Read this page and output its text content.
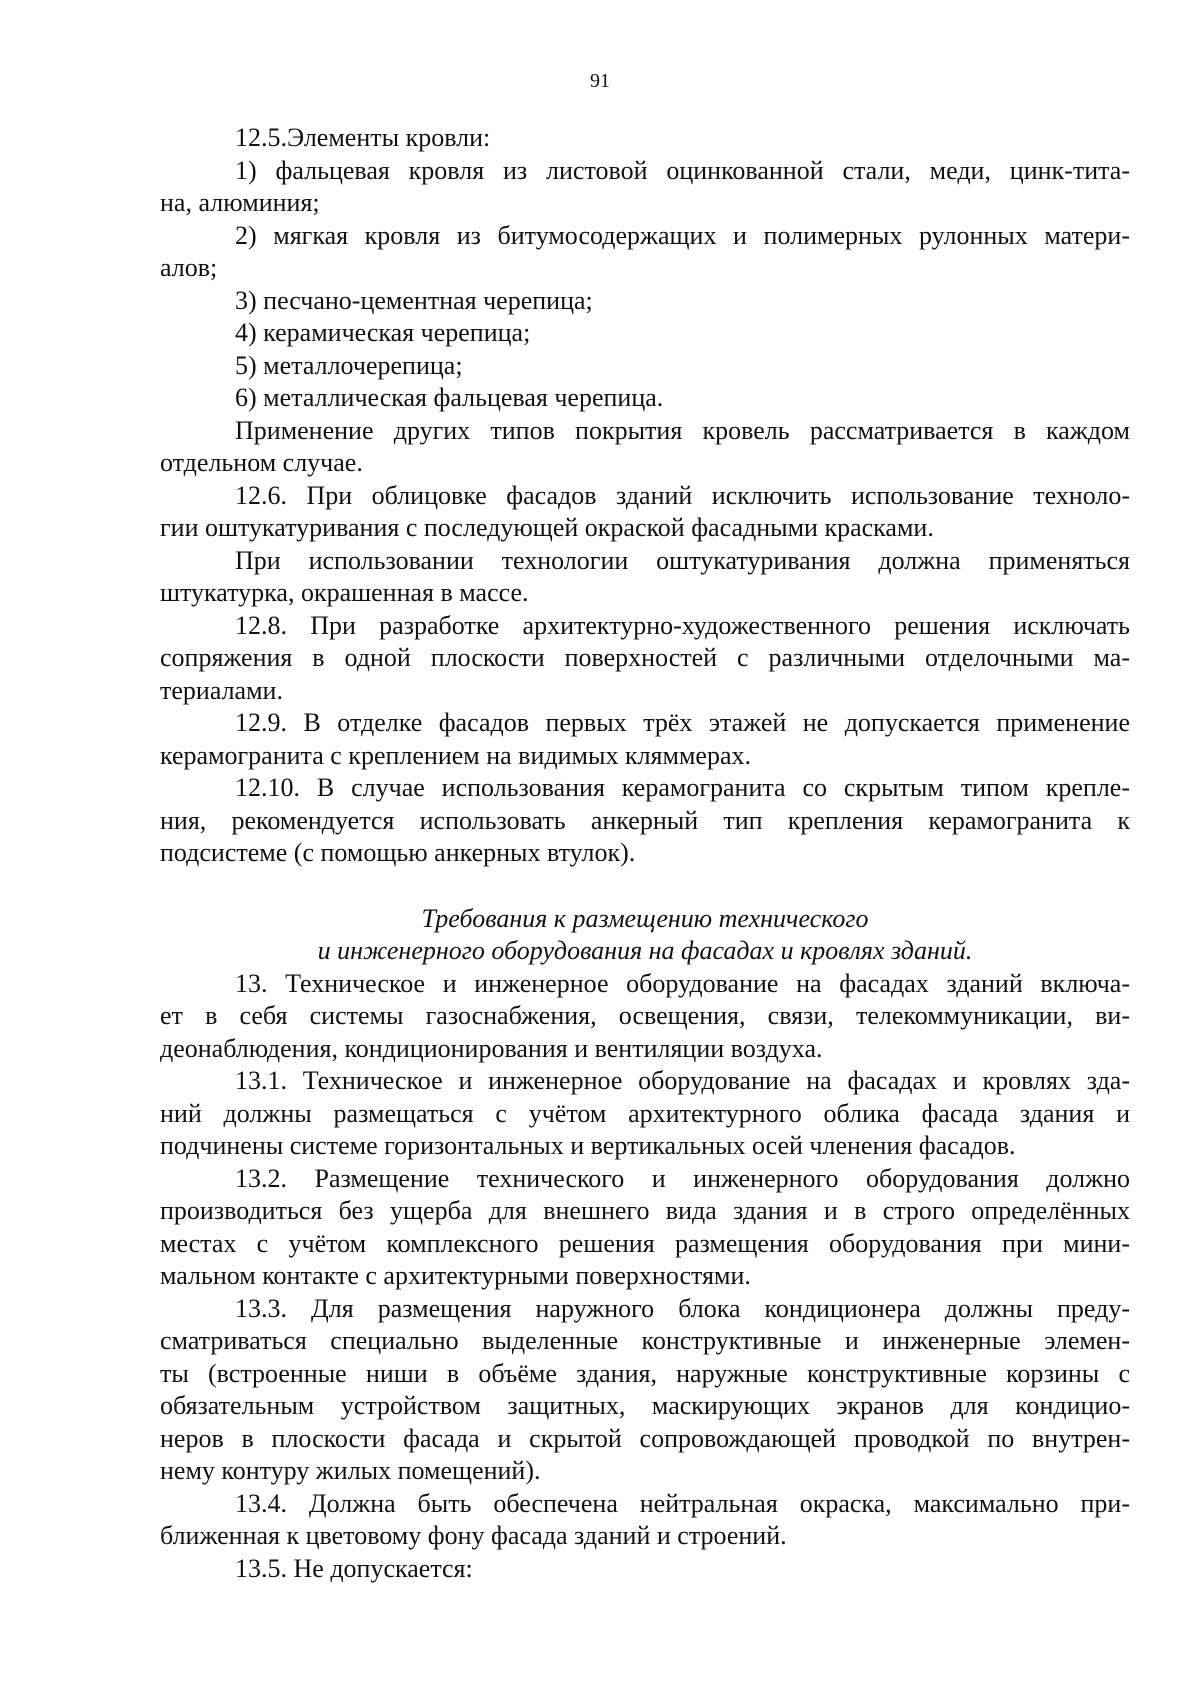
91
12.5.Элементы кровли:
1) фальцевая кровля из листовой оцинкованной стали, меди, цинк-тита-
на, алюминия;
2) мягкая кровля из битумосодержащих и полимерных рулонных матери-
алов;
3) песчано-цементная черепица;
4) керамическая черепица;
5) металлочерепица;
6) металлическая фальцевая черепица.
Применение других типов покрытия кровель рассматривается в каждом
отдельном случае.
12.6. При облицовке фасадов зданий исключить использование техноло-
гии оштукатуривания с последующей окраской фасадными красками.
При использовании технологии оштукатуривания должна применяться
штукатурка, окрашенная в массе.
12.8. При разработке архитектурно-художественного решения исключать
сопряжения в одной плоскости поверхностей с различными отделочными ма-
териалами.
12.9. В отделке фасадов первых трёх этажей не допускается применение
керамогранита с креплением на видимых кляммерах.
12.10. В случае использования керамогранита со скрытым типом крепле-
ния, рекомендуется использовать анкерный тип крепления керамогранита к
подсистеме (с помощью анкерных втулок).
Требования к размещению технического
и инженерного оборудования на фасадах и кровлях зданий.
13. Техническое и инженерное оборудование на фасадах зданий включа-
ет в себя системы газоснабжения, освещения, связи, телекоммуникации, ви-
деонаблюдения, кондиционирования и вентиляции воздуха.
13.1. Техническое и инженерное оборудование на фасадах и кровлях зда-
ний должны размещаться с учётом архитектурного облика фасада здания и
подчинены системе горизонтальных и вертикальных осей членения фасадов.
13.2. Размещение технического и инженерного оборудования должно
производиться без ущерба для внешнего вида здания и в строго определённых
местах с учётом комплексного решения размещения оборудования при мини-
мальном контакте с архитектурными поверхностями.
13.3. Для размещения наружного блока кондиционера должны преду-
сматриваться специально выделенные конструктивные и инженерные элемен-
ты (встроенные ниши в объёме здания, наружные конструктивные корзины с
обязательным устройством защитных, маскирующих экранов для кондицио-
неров в плоскости фасада и скрытой сопровождающей проводкой по внутрен-
нему контуру жилых помещений).
13.4. Должна быть обеспечена нейтральная окраска, максимально при-
ближенная к цветовому фону фасада зданий и строений.
13.5. Не допускается:
